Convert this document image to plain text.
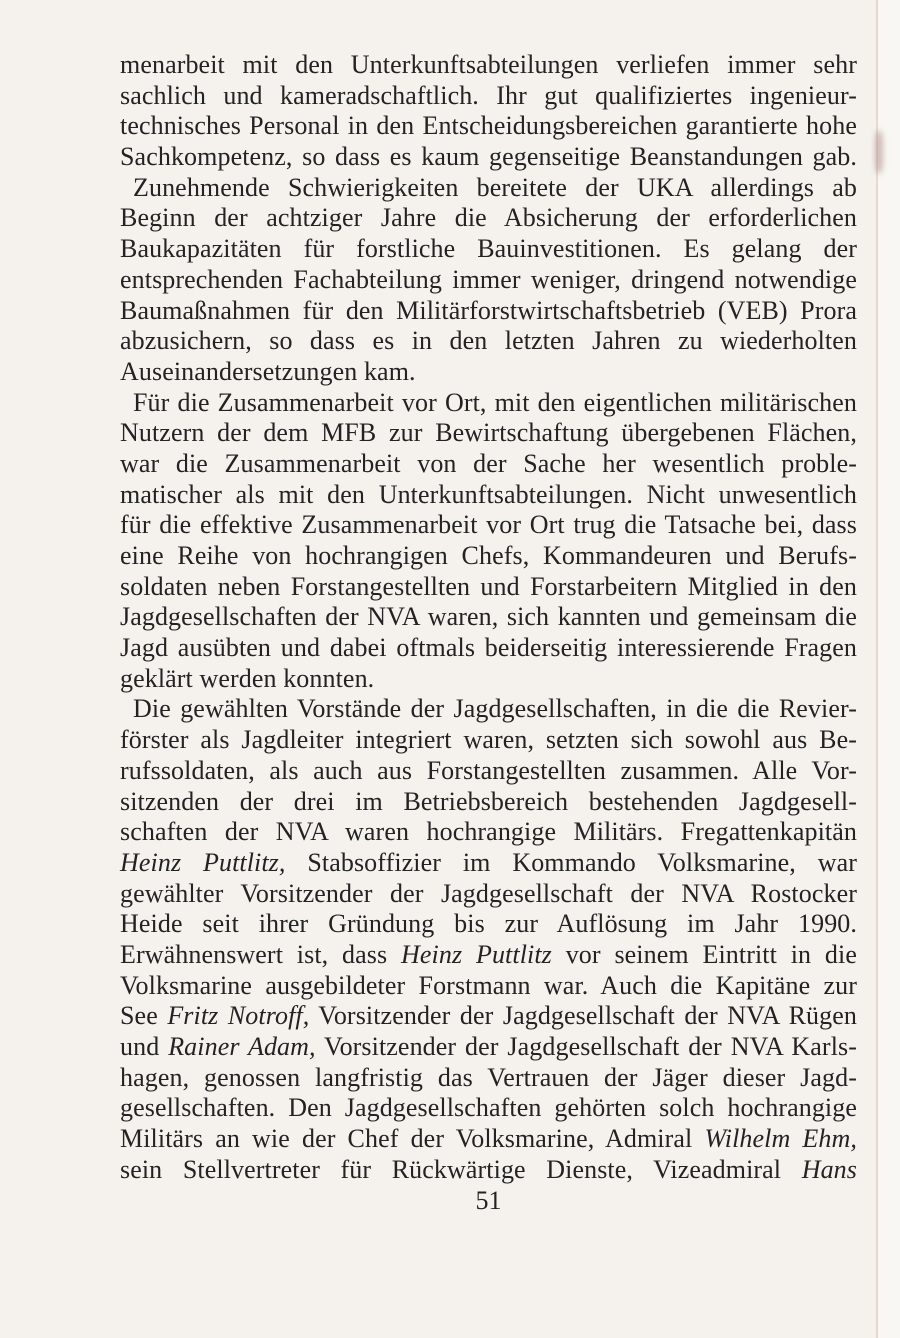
menarbeit mit den Unterkunftsabteilungen verliefen immer sehr
sachlich und kameradschaftlich. Ihr gut qualifiziertes ingenieur-
technisches Personal in den Entscheidungsbereichen garantierte hohe
Sachkompetenz, so dass es kaum gegenseitige Beanstandungen gab.
Zunehmende Schwierigkeiten bereitete der UKA allerdings ab
Beginn der achtziger Jahre die Absicherung der erforderlichen
Baukapazitäten für forstliche Bauinvestitionen. Es gelang der
entsprechenden Fachabteilung immer weniger, dringend notwendige
Baumaßnahmen für den Militärforstwirtschaftsbetrieb (VEB) Prora
abzusichern, so dass es in den letzten Jahren zu wiederholten
Auseinandersetzungen kam.
Für die Zusammenarbeit vor Ort, mit den eigentlichen militärischen
Nutzern der dem MFB zur Bewirtschaftung übergebenen Flächen,
war die Zusammenarbeit von der Sache her wesentlich proble-
matischer als mit den Unterkunftsabteilungen. Nicht unwesentlich
für die effektive Zusammenarbeit vor Ort trug die Tatsache bei, dass
eine Reihe von hochrangigen Chefs, Kommandeuren und Berufs-
soldaten neben Forstangestellten und Forstarbeitern Mitglied in den
Jagdgesellschaften der NVA waren, sich kannten und gemeinsam die
Jagd ausübten und dabei oftmals beiderseitig interessierende Fragen
geklärt werden konnten.
Die gewählten Vorstände der Jagdgesellschaften, in die die Revier-
förster als Jagdleiter integriert waren, setzten sich sowohl aus Be-
rufssoldaten, als auch aus Forstangestellten zusammen. Alle Vor-
sitzenden der drei im Betriebsbereich bestehenden Jagdgesell-
schaften der NVA waren hochrangige Militärs. Fregattenkapitän
Heinz Puttlitz, Stabsoffizier im Kommando Volksmarine, war
gewählter Vorsitzender der Jagdgesellschaft der NVA Rostocker
Heide seit ihrer Gründung bis zur Auflösung im Jahr 1990.
Erwähnenswert ist, dass Heinz Puttlitz vor seinem Eintritt in die
Volksmarine ausgebildeter Forstmann war. Auch die Kapitäne zur
See Fritz Notroff, Vorsitzender der Jagdgesellschaft der NVA Rügen
und Rainer Adam, Vorsitzender der Jagdgesellschaft der NVA Karls-
hagen, genossen langfristig das Vertrauen der Jäger dieser Jagd-
gesellschaften. Den Jagdgesellschaften gehörten solch hochrangige
Militärs an wie der Chef der Volksmarine, Admiral Wilhelm Ehm,
sein Stellvertreter für Rückwärtige Dienste, Vizeadmiral Hans
51
